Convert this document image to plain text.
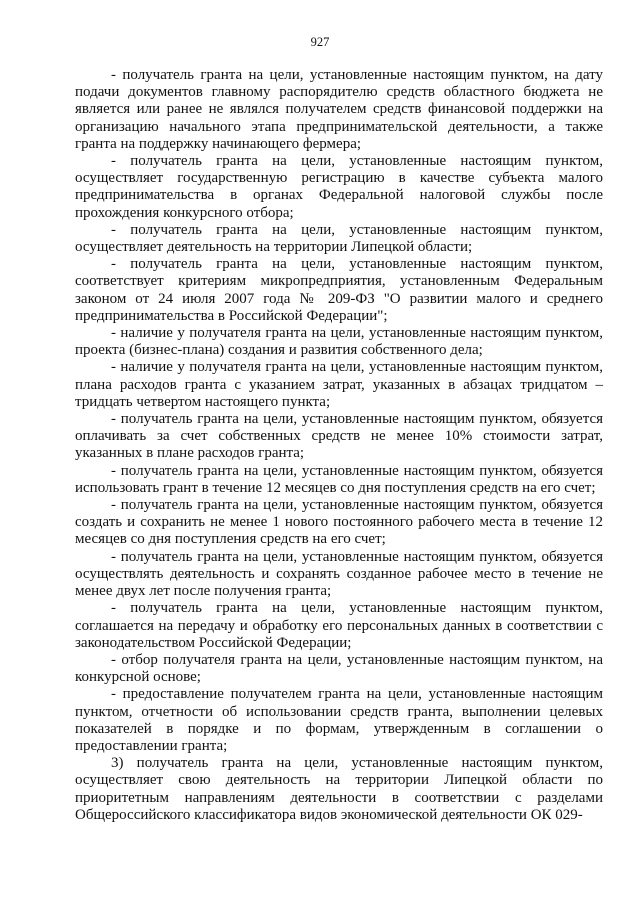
927

- получатель гранта на цели, установленные настоящим пунктом, на дату подачи документов главному распорядителю средств областного бюджета не является или ранее не являлся получателем средств финансовой поддержки на организацию начального этапа предпринимательской деятельности, а также гранта на поддержку начинающего фермера;

- получатель гранта на цели, установленные настоящим пунктом, осуществляет государственную регистрацию в качестве субъекта малого предпринимательства в органах Федеральной налоговой службы после прохождения конкурсного отбора;

- получатель гранта на цели, установленные настоящим пунктом, осуществляет деятельность на территории Липецкой области;

- получатель гранта на цели, установленные настоящим пунктом, соответствует критериям микропредприятия, установленным Федеральным законом от 24 июля 2007 года № 209-ФЗ "О развитии малого и среднего предпринимательства в Российской Федерации";

- наличие у получателя гранта на цели, установленные настоящим пунктом, проекта (бизнес-плана) создания и развития собственного дела;

- наличие у получателя гранта на цели, установленные настоящим пунктом, плана расходов гранта с указанием затрат, указанных в абзацах тридцатом – тридцать четвертом настоящего пункта;

- получатель гранта на цели, установленные настоящим пунктом, обязуется оплачивать за счет собственных средств не менее 10% стоимости затрат, указанных в плане расходов гранта;

- получатель гранта на цели, установленные настоящим пунктом, обязуется использовать грант в течение 12 месяцев со дня поступления средств на его счет;

- получатель гранта на цели, установленные настоящим пунктом, обязуется создать и сохранить не менее 1 нового постоянного рабочего места в течение 12 месяцев со дня поступления средств на его счет;

- получатель гранта на цели, установленные настоящим пунктом, обязуется осуществлять деятельность и сохранять созданное рабочее место в течение не менее двух лет после получения гранта;

- получатель гранта на цели, установленные настоящим пунктом, соглашается на передачу и обработку его персональных данных в соответствии с законодательством Российской Федерации;

- отбор получателя гранта на цели, установленные настоящим пунктом, на конкурсной основе;

- предоставление получателем гранта на цели, установленные настоящим пунктом, отчетности об использовании средств гранта, выполнении целевых показателей в порядке и по формам, утвержденным в соглашении о предоставлении гранта;

3) получатель гранта на цели, установленные настоящим пунктом, осуществляет свою деятельность на территории Липецкой области по приоритетным направлениям деятельности в соответствии с разделами Общероссийского классификатора видов экономической деятельности ОК 029-
